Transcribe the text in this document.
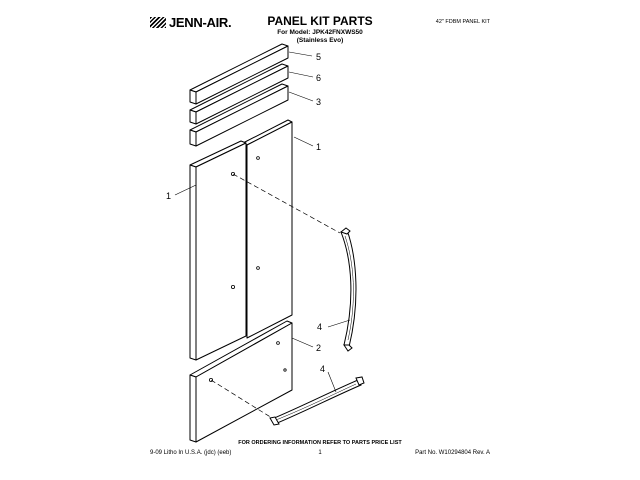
JENN-AIR.	PANEL KIT PARTS
For Model: JPK42FNXWS50
(Stainless Evo)
42" FDBM PANEL KIT
5
6
3
1
1
4
2
4
FOR ORDERING INFORMATION REFER TO PARTS PRICE LIST
9-09 Litho In U.S.A. (jdc) (eeb)	1	Part No. W10294804 Rev. A
